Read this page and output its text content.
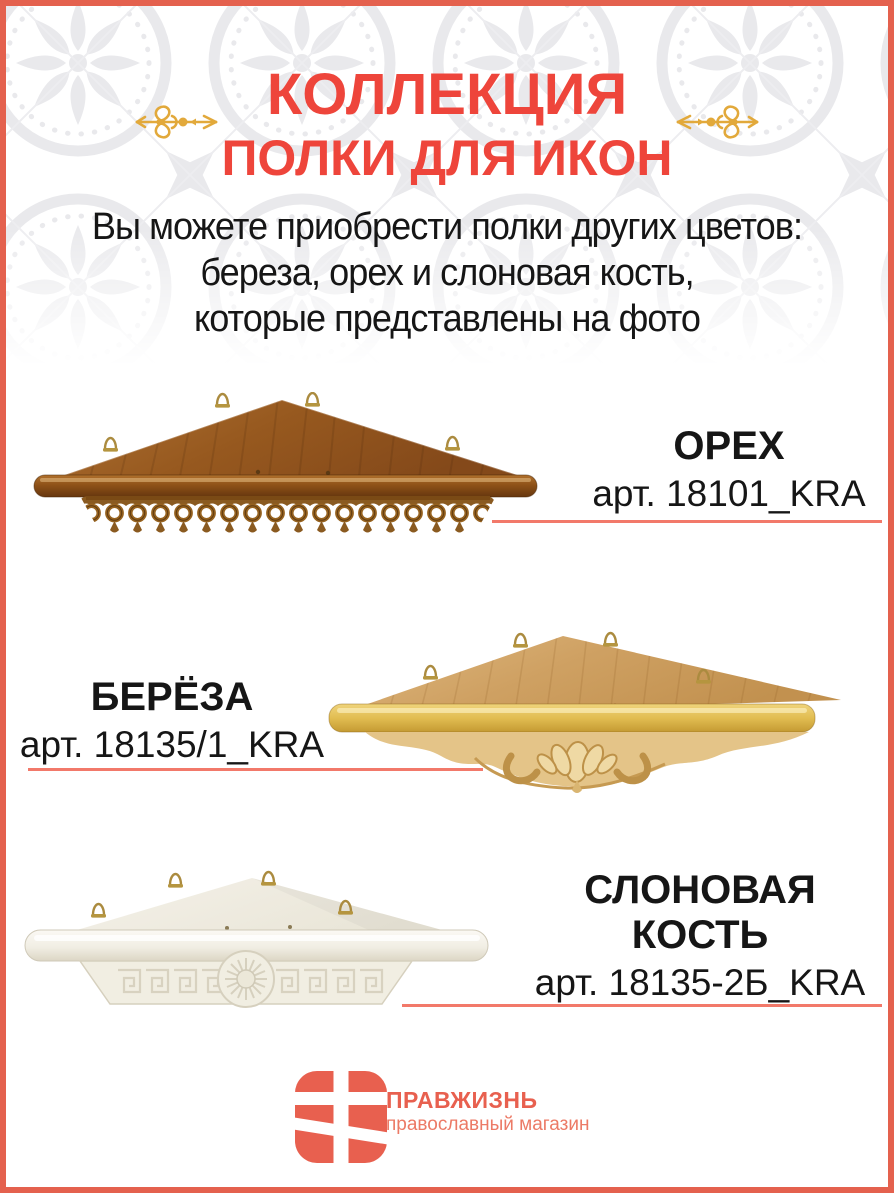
КОЛЛЕКЦИЯ
ПОЛКИ ДЛЯ ИКОН
Вы можете приобрести полки других цветов:
береза, орех и слоновая кость,
которые представлены на фото
ОРЕХ
арт. 18101_KRA
БЕРЁЗА
арт. 18135/1_KRA
СЛОНОВАЯ КОСТЬ
арт. 18135-2Б_KRA
ПРАВЖИЗНЬ
православный магазин
